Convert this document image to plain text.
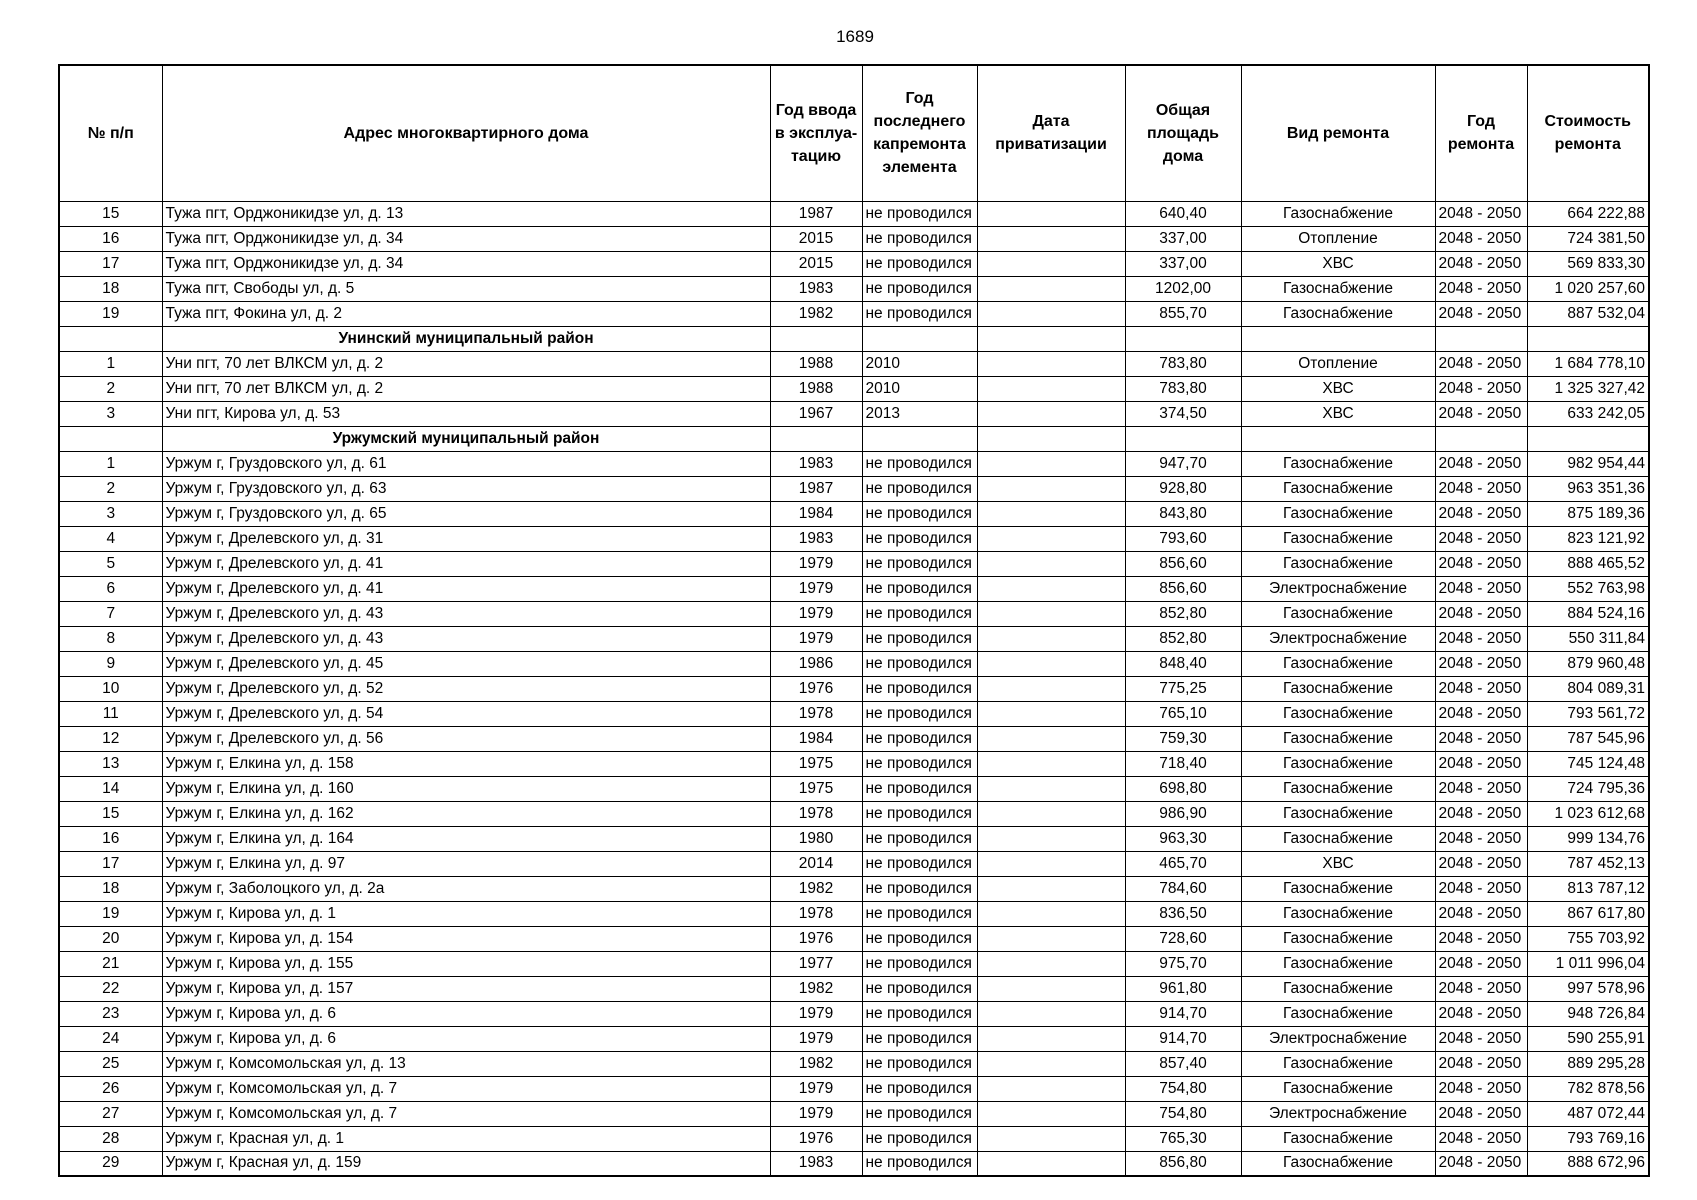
1689
№ п/п	Адрес многоквартирного дома	Год ввода в эксплуа-тацию	Год последнего капремонта элемента	Дата приватизации	Общая площадь дома	Вид ремонта	Год ремонта	Стоимость ремонта
15	Тужа пгт, Орджоникидзе ул, д. 13	1987	не проводился		640,40	Газоснабжение	2048 - 2050	664 222,88
16	Тужа пгт, Орджоникидзе ул, д. 34	2015	не проводился		337,00	Отопление	2048 - 2050	724 381,50
17	Тужа пгт, Орджоникидзе ул, д. 34	2015	не проводился		337,00	ХВС	2048 - 2050	569 833,30
18	Тужа пгт, Свободы ул, д. 5	1983	не проводился		1202,00	Газоснабжение	2048 - 2050	1 020 257,60
19	Тужа пгт, Фокина ул, д. 2	1982	не проводился		855,70	Газоснабжение	2048 - 2050	887 532,04
	Унинский муниципальный район							
1	Уни пгт, 70 лет ВЛКСМ ул, д. 2	1988	2010		783,80	Отопление	2048 - 2050	1 684 778,10
2	Уни пгт, 70 лет ВЛКСМ ул, д. 2	1988	2010		783,80	ХВС	2048 - 2050	1 325 327,42
3	Уни пгт, Кирова ул, д. 53	1967	2013		374,50	ХВС	2048 - 2050	633 242,05
	Уржумский муниципальный район							
1	Уржум г, Груздовского ул, д. 61	1983	не проводился		947,70	Газоснабжение	2048 - 2050	982 954,44
2	Уржум г, Груздовского ул, д. 63	1987	не проводился		928,80	Газоснабжение	2048 - 2050	963 351,36
3	Уржум г, Груздовского ул, д. 65	1984	не проводился		843,80	Газоснабжение	2048 - 2050	875 189,36
4	Уржум г, Дрелевского ул, д. 31	1983	не проводился		793,60	Газоснабжение	2048 - 2050	823 121,92
5	Уржум г, Дрелевского ул, д. 41	1979	не проводился		856,60	Газоснабжение	2048 - 2050	888 465,52
6	Уржум г, Дрелевского ул, д. 41	1979	не проводился		856,60	Электроснабжение	2048 - 2050	552 763,98
7	Уржум г, Дрелевского ул, д. 43	1979	не проводился		852,80	Газоснабжение	2048 - 2050	884 524,16
8	Уржум г, Дрелевского ул, д. 43	1979	не проводился		852,80	Электроснабжение	2048 - 2050	550 311,84
9	Уржум г, Дрелевского ул, д. 45	1986	не проводился		848,40	Газоснабжение	2048 - 2050	879 960,48
10	Уржум г, Дрелевского ул, д. 52	1976	не проводился		775,25	Газоснабжение	2048 - 2050	804 089,31
11	Уржум г, Дрелевского ул, д. 54	1978	не проводился		765,10	Газоснабжение	2048 - 2050	793 561,72
12	Уржум г, Дрелевского ул, д. 56	1984	не проводился		759,30	Газоснабжение	2048 - 2050	787 545,96
13	Уржум г, Елкина ул, д. 158	1975	не проводился		718,40	Газоснабжение	2048 - 2050	745 124,48
14	Уржум г, Елкина ул, д. 160	1975	не проводился		698,80	Газоснабжение	2048 - 2050	724 795,36
15	Уржум г, Елкина ул, д. 162	1978	не проводился		986,90	Газоснабжение	2048 - 2050	1 023 612,68
16	Уржум г, Елкина ул, д. 164	1980	не проводился		963,30	Газоснабжение	2048 - 2050	999 134,76
17	Уржум г, Елкина ул, д. 97	2014	не проводился		465,70	ХВС	2048 - 2050	787 452,13
18	Уржум г, Заболоцкого ул, д. 2а	1982	не проводился		784,60	Газоснабжение	2048 - 2050	813 787,12
19	Уржум г, Кирова ул, д. 1	1978	не проводился		836,50	Газоснабжение	2048 - 2050	867 617,80
20	Уржум г, Кирова ул, д. 154	1976	не проводился		728,60	Газоснабжение	2048 - 2050	755 703,92
21	Уржум г, Кирова ул, д. 155	1977	не проводился		975,70	Газоснабжение	2048 - 2050	1 011 996,04
22	Уржум г, Кирова ул, д. 157	1982	не проводился		961,80	Газоснабжение	2048 - 2050	997 578,96
23	Уржум г, Кирова ул, д. 6	1979	не проводился		914,70	Газоснабжение	2048 - 2050	948 726,84
24	Уржум г, Кирова ул, д. 6	1979	не проводился		914,70	Электроснабжение	2048 - 2050	590 255,91
25	Уржум г, Комсомольская ул, д. 13	1982	не проводился		857,40	Газоснабжение	2048 - 2050	889 295,28
26	Уржум г, Комсомольская ул, д. 7	1979	не проводился		754,80	Газоснабжение	2048 - 2050	782 878,56
27	Уржум г, Комсомольская ул, д. 7	1979	не проводился		754,80	Электроснабжение	2048 - 2050	487 072,44
28	Уржум г, Красная ул, д. 1	1976	не проводился		765,30	Газоснабжение	2048 - 2050	793 769,16
29	Уржум г, Красная ул, д. 159	1983	не проводился		856,80	Газоснабжение	2048 - 2050	888 672,96
